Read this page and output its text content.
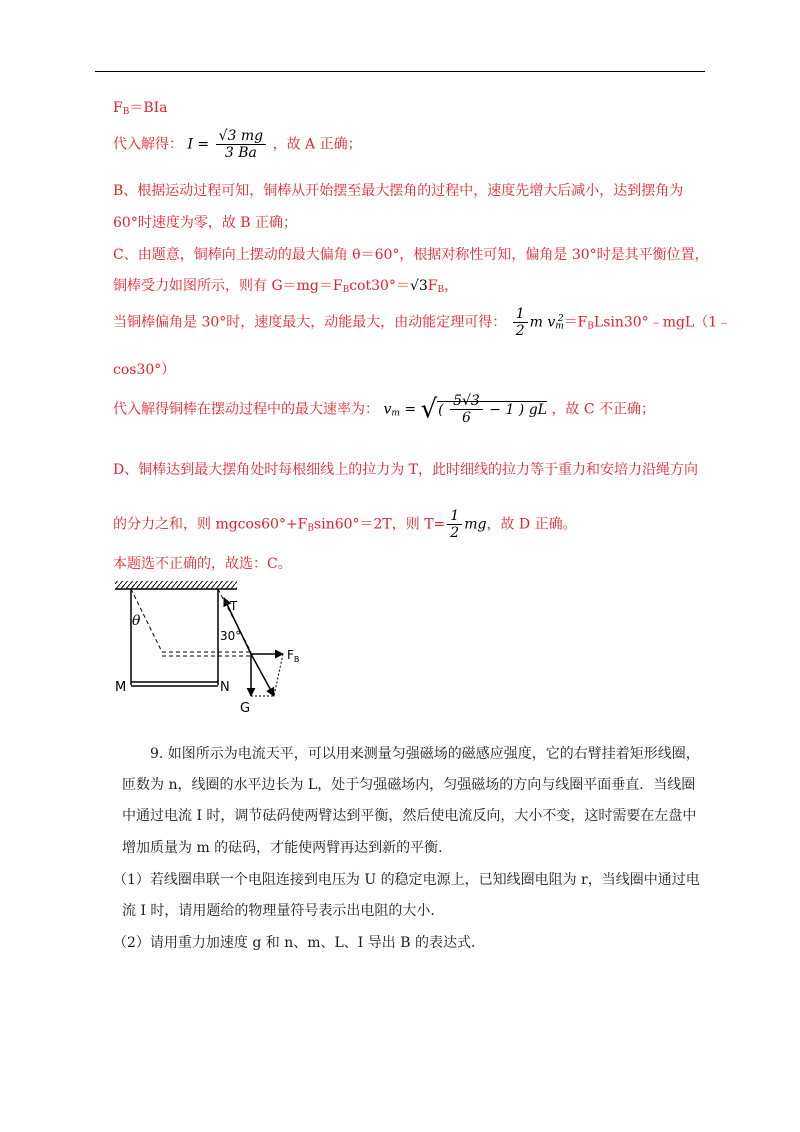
$F_B=BIa$
代入解得： $I = \frac{√3 mg}{3 Ba}$ ，故 A 正确；
B、根据运动过程可知，铜棒从开始摆至最大摆角的过程中，速度先增大后减小，达到摆角为
60°时速度为零，故 B 正确；
C、由题意，铜棒向上摆动的最大偏角 θ＝60°，根据对称性可知，偏角是 30°时是其平衡位置，
铜棒受力如图所示，则有 $G=mg=F_B\cot 30^\circ=√3F_B$，
当铜棒偏角是 30°时，速度最大，动能最大，由动能定理可得： $\frac{1}{2}$ m $v_m^2=F_BLsin30^\circ﹣mgL(1﹣$
cos30°）
代入解得铜棒在摆动过程中的最大速率为： $v_m$ = √( $\frac{5√3}{6} - 1$ ) gL ，故 C 不正确；
D、铜棒达到最大摆角处时每根细线上的拉力为 T，此时细线的拉力等于重力和安培力沿绳方向
的分力之和，则 $mgcos60^\circ+F_B\sin 60^\circ=2T$，则 $T= \frac{1}{2}$ mg，故 D 正确。
本题选不正确的，故选：C。
θ
30°
T
$F_B$
M	N
G
9. 如图所示为电流天平，可以用来测量匀强磁场的磁感应强度，它的右臂挂着矩形线圈，
匝数为 n，线圈的水平边长为 L，处于匀强磁场内，匀强磁场的方向与线圈平面垂直．当线圈
中通过电流 I 时，调节砝码使两臂达到平衡，然后使电流反向，大小不变，这时需要在左盘中
增加质量为 m 的砝码，才能使两臂再达到新的平衡．
（1）若线圈串联一个电阻连接到电压为 U 的稳定电源上，已知线圈电阻为 r，当线圈中通过电
流 I 时，请用题给的物理量符号表示出电阻的大小．
（2）请用重力加速度 g 和 n、m、L、I 导出 B 的表达式．
